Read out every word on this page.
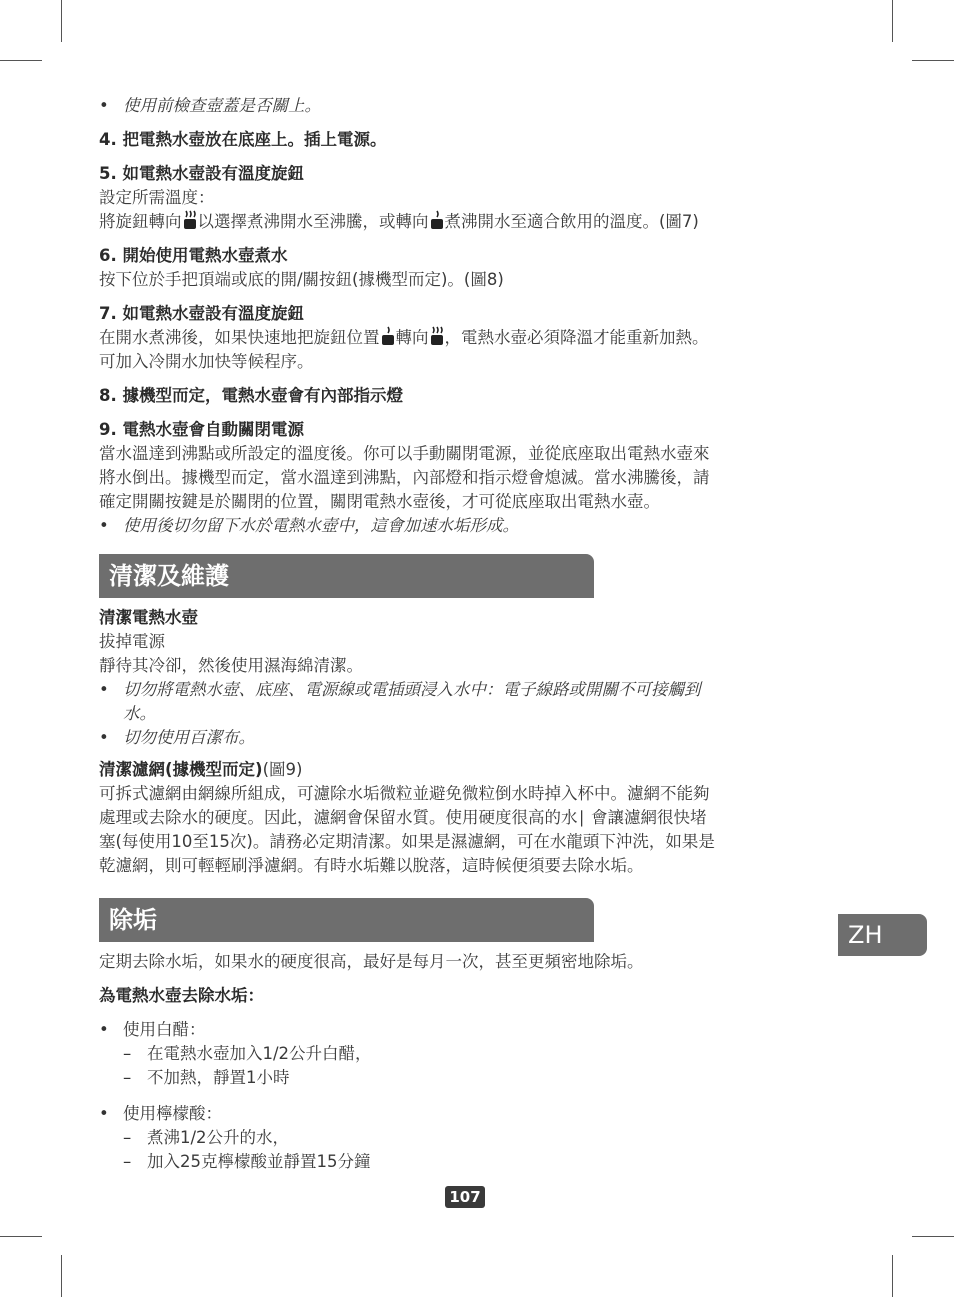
• 使用前檢查壺蓋是否關上。

4. 把電熱水壺放在底座上。插上電源。

5. 如電熱水壺設有溫度旋鈕

設定所需溫度：

將旋鈕轉向 以選擇煮沸開水至沸騰，或轉向 煮沸開水至適合飲用的溫度。(圖7)

6. 開始使用電熱水壺煮水

按下位於手把頂端或底的開/關按鈕(據機型而定)。(圖8)

7. 如電熱水壺設有溫度旋鈕

在開水煮沸後，如果快速地把旋鈕位置 轉向 ，電熱水壺必須降溫才能重新加熱。

可加入冷開水加快等候程序。

8. 據機型而定，電熱水壺會有內部指示燈

9. 電熱水壺會自動關閉電源

當水溫達到沸點或所設定的溫度後。你可以手動關閉電源，並從底座取出電熱水壺來

將水倒出。據機型而定，當水溫達到沸點，內部燈和指示燈會熄滅。當水沸騰後，請

確定開關按鍵是於關閉的位置，關閉電熱水壺後，才可從底座取出電熱水壺。

• 使用後切勿留下水於電熱水壺中，這會加速水垢形成。

清潔及維護

清潔電熱水壺

拔掉電源

靜待其冷卻，然後使用濕海綿清潔。

• 切勿將電熱水壺、底座、電源線或電插頭浸入水中：電子線路或開關不可接觸到

水。

• 切勿使用百潔布。

清潔濾網(據機型而定)(圖9)

可拆式濾網由網線所組成，可濾除水垢微粒並避免微粒倒水時掉入杯中。濾網不能夠

處理或去除水的硬度。因此，濾網會保留水質。使用硬度很高的水∣ 會讓濾網很快堵

塞(每使用10至15次)。請務必定期清潔。如果是濕濾網，可在水龍頭下沖洗，如果是

乾濾網，則可輕輕刷淨濾網。有時水垢難以脫落，這時候便須要去除水垢。

除垢
ZH

定期去除水垢，如果水的硬度很高，最好是每月一次，甚至更頻密地除垢。

為電熱水壺去除水垢：

• 使用白醋：

– 在電熱水壺加入1/2公升白醋，

– 不加熱，靜置1小時

• 使用檸檬酸：

– 煮沸1/2公升的水，

– 加入25克檸檬酸並靜置15分鐘

107
